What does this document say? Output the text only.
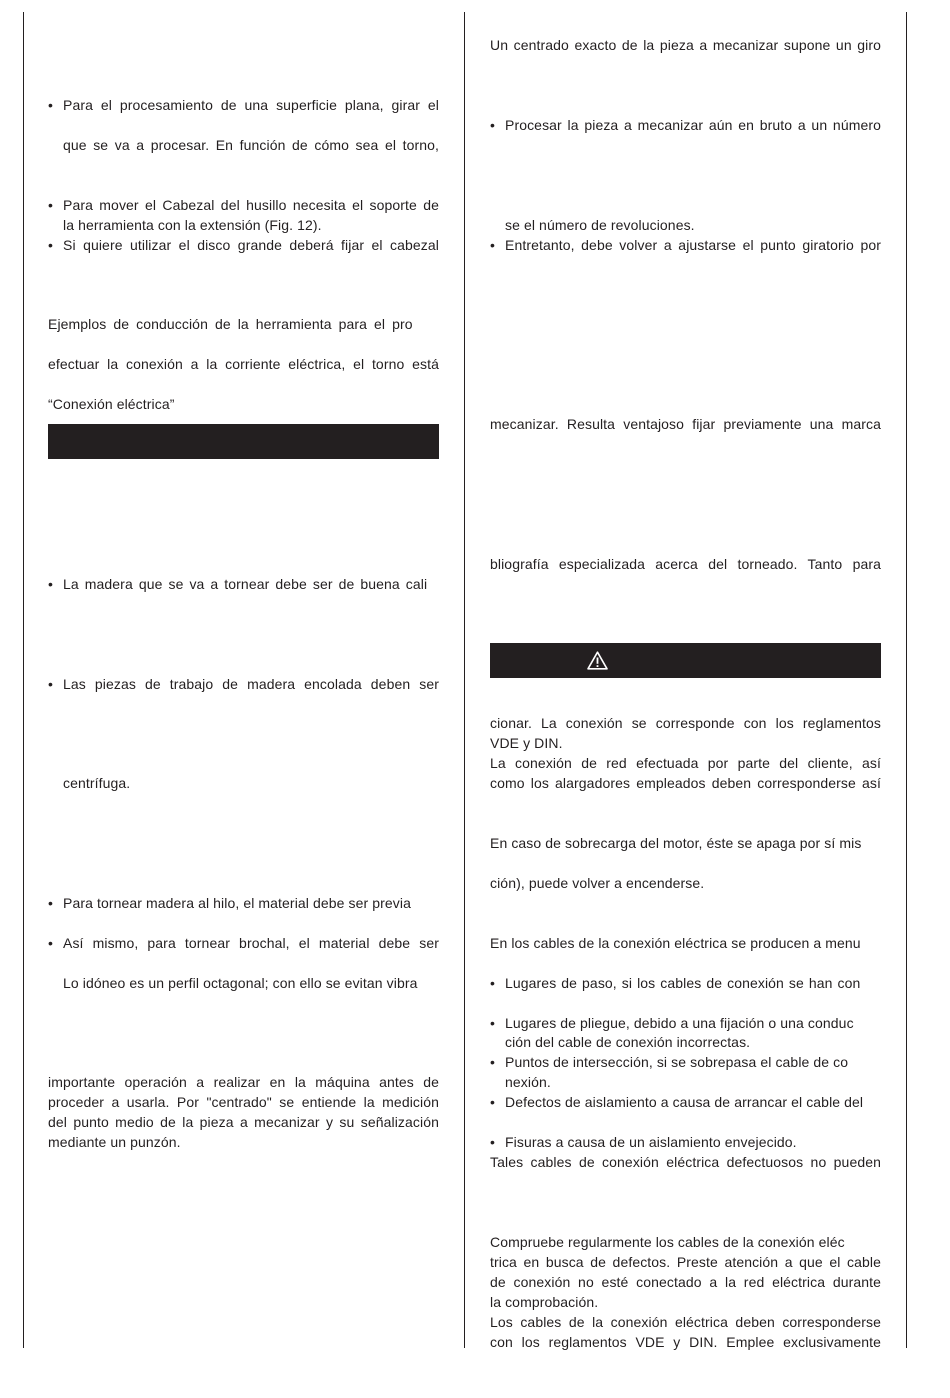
• Para el procesamiento de una superficie plana, girar el
que se va a procesar. En función de cómo sea el torno,
• Para mover el Cabezal del husillo necesita el soporte de
la herramienta con la extensión (Fig. 12).
• Si quiere utilizar el disco grande deberá fijar el cabezal
Ejemplos de conducción de la herramienta para el pro
efectuar la conexión a la corriente eléctrica, el torno está
“Conexión eléctrica”
• La madera que se va a tornear debe ser de buena cali
• Las piezas de trabajo de madera encolada deben ser
centrífuga.
• Para tornear madera al hilo, el material debe ser previa
• Así mismo, para tornear brochal, el material debe ser
Lo idóneo es un perfil octagonal; con ello se evitan vibra
importante operación a realizar en la máquina antes de
proceder a usarla. Por "centrado" se entiende la medición
del punto medio de la pieza a mecanizar y su señalización
mediante un punzón.
Un centrado exacto de la pieza a mecanizar supone un giro
• Procesar la pieza a mecanizar aún en bruto a un número
se el número de revoluciones.
• Entretanto, debe volver a ajustarse el punto giratorio por
mecanizar. Resulta ventajoso fijar previamente una marca
bliografía especializada acerca del torneado. Tanto para
cionar. La conexión se corresponde con los reglamentos
VDE y DIN.
La conexión de red efectuada por parte del cliente, así
como los alargadores empleados deben corresponderse así
En caso de sobrecarga del motor, éste se apaga por sí mis
ción), puede volver a encenderse.
En los cables de la conexión eléctrica se producen a menu
• Lugares de paso, si los cables de conexión se han con
• Lugares de pliegue, debido a una fijación o una conduc
ción del cable de conexión incorrectas.
• Puntos de intersección, si se sobrepasa el cable de co
nexión.
• Defectos de aislamiento a causa de arrancar el cable del
• Fisuras a causa de un aislamiento envejecido.
Tales cables de conexión eléctrica defectuosos no pueden
Compruebe regularmente los cables de la conexión eléc
trica en busca de defectos. Preste atención a que el cable
de conexión no esté conectado a la red eléctrica durante
la comprobación.
Los cables de la conexión eléctrica deben corresponderse
con los reglamentos VDE y DIN. Emplee exclusivamente
